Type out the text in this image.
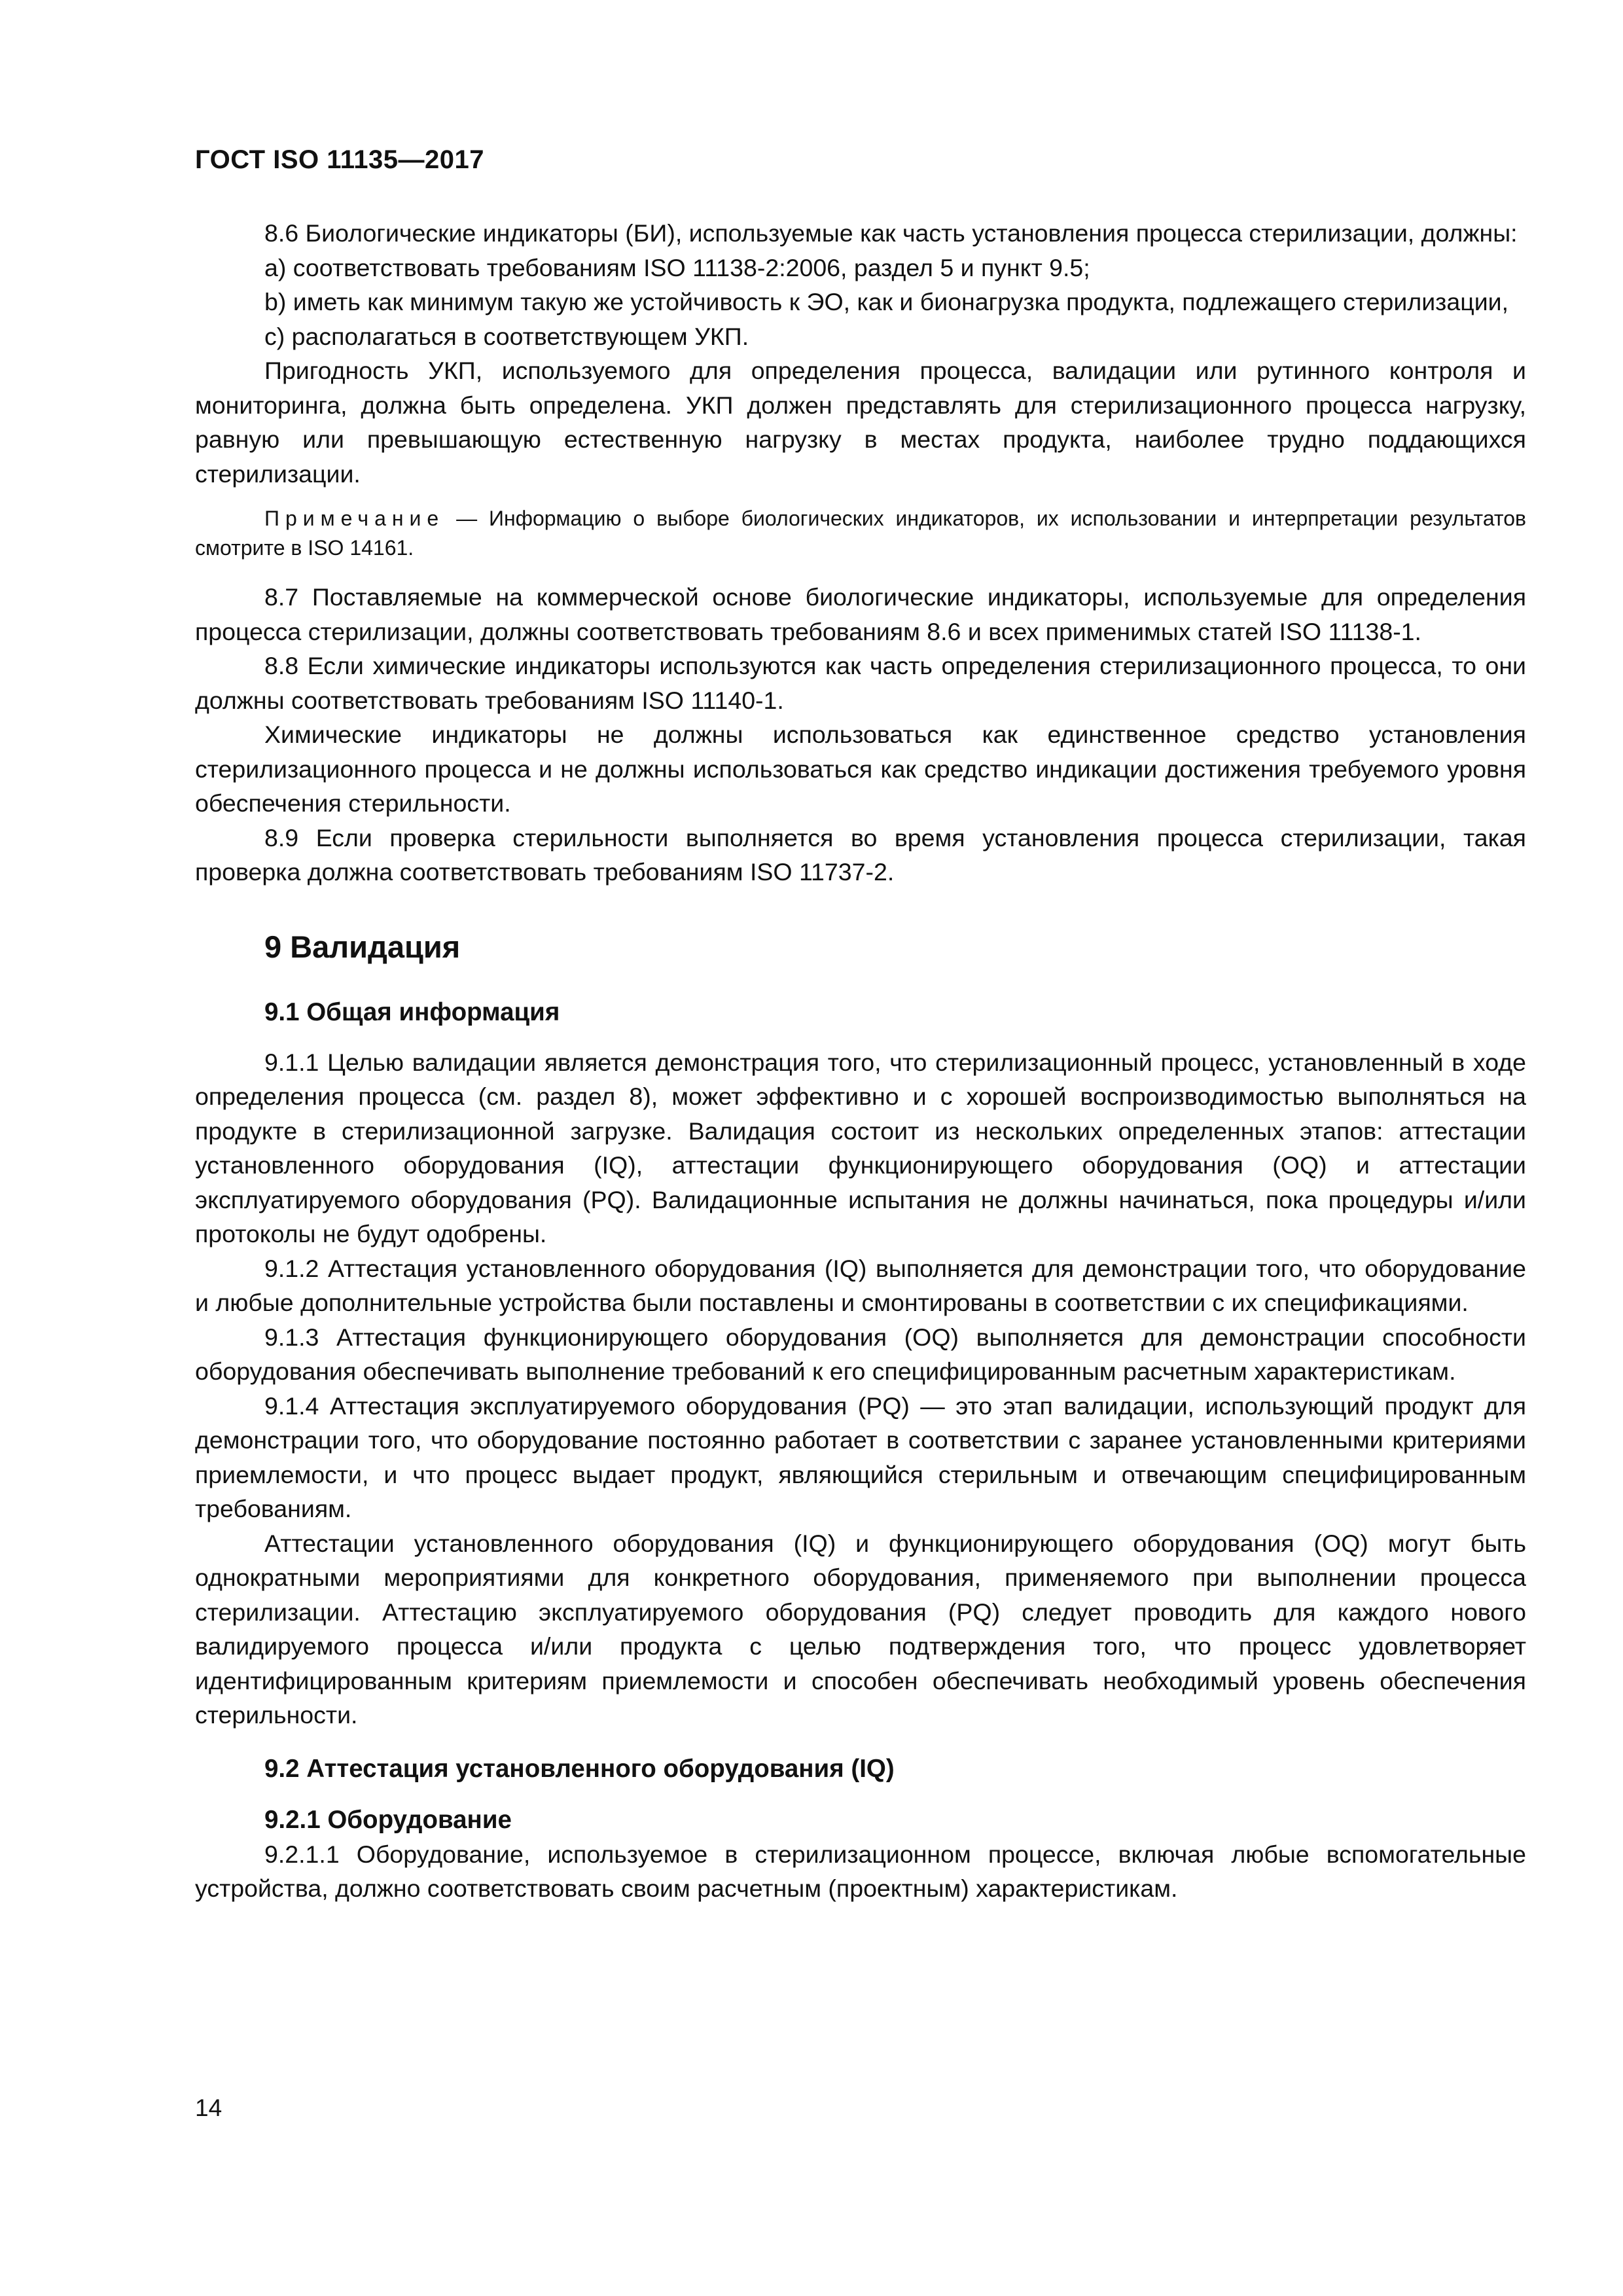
ГОСТ ISO 11135—2017

8.6 Биологические индикаторы (БИ), используемые как часть установления процесса стерилизации, должны:

a) соответствовать требованиям ISO 11138-2:2006, раздел 5 и пункт 9.5;

b) иметь как минимум такую же устойчивость к ЭО, как и бионагрузка продукта, подлежащего стерилизации,

c) располагаться в соответствующем УКП.

Пригодность УКП, используемого для определения процесса, валидации или рутинного контроля и мониторинга, должна быть определена. УКП должен представлять для стерилизационного процесса нагрузку, равную или превышающую естественную нагрузку в местах продукта, наиболее трудно поддающихся стерилизации.

Примечание — Информацию о выборе биологических индикаторов, их использовании и интерпретации результатов смотрите в ISO 14161.

8.7 Поставляемые на коммерческой основе биологические индикаторы, используемые для определения процесса стерилизации, должны соответствовать требованиям 8.6 и всех применимых статей ISO 11138-1.

8.8 Если химические индикаторы используются как часть определения стерилизационного процесса, то они должны соответствовать требованиям ISO 11140-1.

Химические индикаторы не должны использоваться как единственное средство установления стерилизационного процесса и не должны использоваться как средство индикации достижения требуемого уровня обеспечения стерильности.

8.9 Если проверка стерильности выполняется во время установления процесса стерилизации, такая проверка должна соответствовать требованиям ISO 11737-2.

9 Валидация
9.1 Общая информация

9.1.1 Целью валидации является демонстрация того, что стерилизационный процесс, установленный в ходе определения процесса (см. раздел 8), может эффективно и с хорошей воспроизводимостью выполняться на продукте в стерилизационной загрузке. Валидация состоит из нескольких определенных этапов: аттестации установленного оборудования (IQ), аттестации функционирующего оборудования (OQ) и аттестации эксплуатируемого оборудования (PQ). Валидационные испытания не должны начинаться, пока процедуры и/или протоколы не будут одобрены.

9.1.2 Аттестация установленного оборудования (IQ) выполняется для демонстрации того, что оборудование и любые дополнительные устройства были поставлены и смонтированы в соответствии с их спецификациями.

9.1.3 Аттестация функционирующего оборудования (OQ) выполняется для демонстрации способности оборудования обеспечивать выполнение требований к его специфицированным расчетным характеристикам.

9.1.4 Аттестация эксплуатируемого оборудования (PQ) — это этап валидации, использующий продукт для демонстрации того, что оборудование постоянно работает в соответствии с заранее установленными критериями приемлемости, и что процесс выдает продукт, являющийся стерильным и отвечающим специфицированным требованиям.

Аттестации установленного оборудования (IQ) и функционирующего оборудования (OQ) могут быть однократными мероприятиями для конкретного оборудования, применяемого при выполнении процесса стерилизации. Аттестацию эксплуатируемого оборудования (PQ) следует проводить для каждого нового валидируемого процесса и/или продукта с целью подтверждения того, что процесс удовлетворяет идентифицированным критериям приемлемости и способен обеспечивать необходимый уровень обеспечения стерильности.

9.2 Аттестация установленного оборудования (IQ)
9.2.1 Оборудование

9.2.1.1 Оборудование, используемое в стерилизационном процессе, включая любые вспомогательные устройства, должно соответствовать своим расчетным (проектным) характеристикам.

14
